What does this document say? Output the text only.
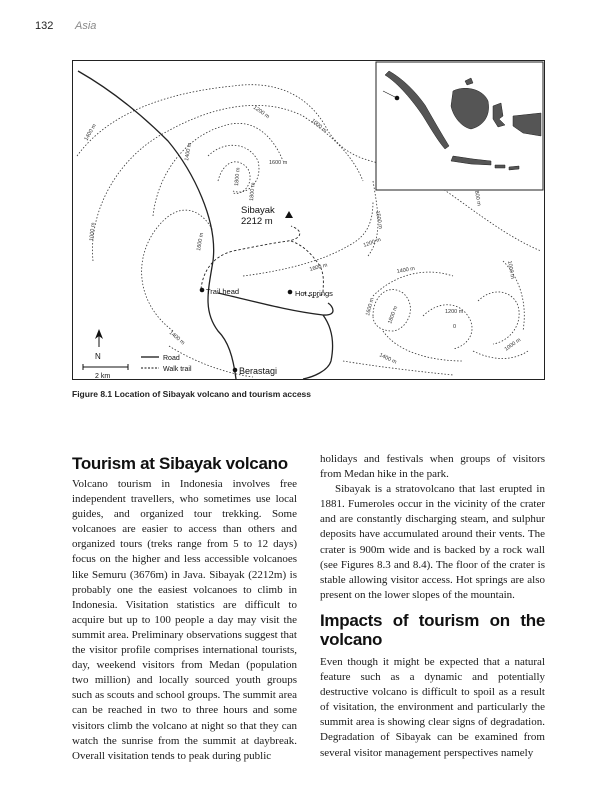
132 Asia
1200 m
1000 m
1400 m
1400 m
1600 m
1800 m
1000 m
1800 m
1600 m	1200 m
1400 m
1500 m
1600 m
800 m
1000 m
1600 m 1800 m	1200 m
1400 m
1400 m
1000 m
0
Sibayak
2212 m
Trail head	Hot springs
Berastagi
N
2 km
Road
Walk trail
Figure 8.1 Location of Sibayak volcano and tourism access
Tourism at Sibayak volcano

Volcano tourism in Indonesia involves free independent travellers, who sometimes use local guides, and organized tour trekking. Some volcanoes are easier to access than others and organized tours (treks range from 5 to 12 days) focus on the higher and less accessible volcanoes like Semuru (3676m) in Java. Sibayak (2212m) is probably one the easiest volcanoes to climb in Indonesia. Visitation statistics are difficult to acquire but up to 100 people a day may visit the summit area. Preliminary observations suggest that the visitor profile comprises international tourists, day, weekend visitors from Medan (population two million) and locally sourced youth groups such as scouts and school groups. The summit area can be reached in two to three hours and some visitors climb the volcano at night so that they can watch the sunrise from the summit at daybreak. Overall visitation tends to peak during public

holidays and festivals when groups of visitors from Medan hike in the park.

Sibayak is a stratovolcano that last erupted in 1881. Fumeroles occur in the vicinity of the crater and are constantly discharging steam, and sulphur deposits have accumulated around their vents. The crater is 900m wide and is backed by a rock wall (see Figures 8.3 and 8.4). The floor of the crater is stable allowing visitor access. Hot springs are also present on the lower slopes of the mountain.

Impacts of tourism on the volcano

Even though it might be expected that a natural feature such as a dynamic and potentially destructive volcano is difficult to spoil as a result of visitation, the environment and particularly the summit area is showing clear signs of degradation. Degradation of Sibayak can be examined from several visitor management perspectives namely
